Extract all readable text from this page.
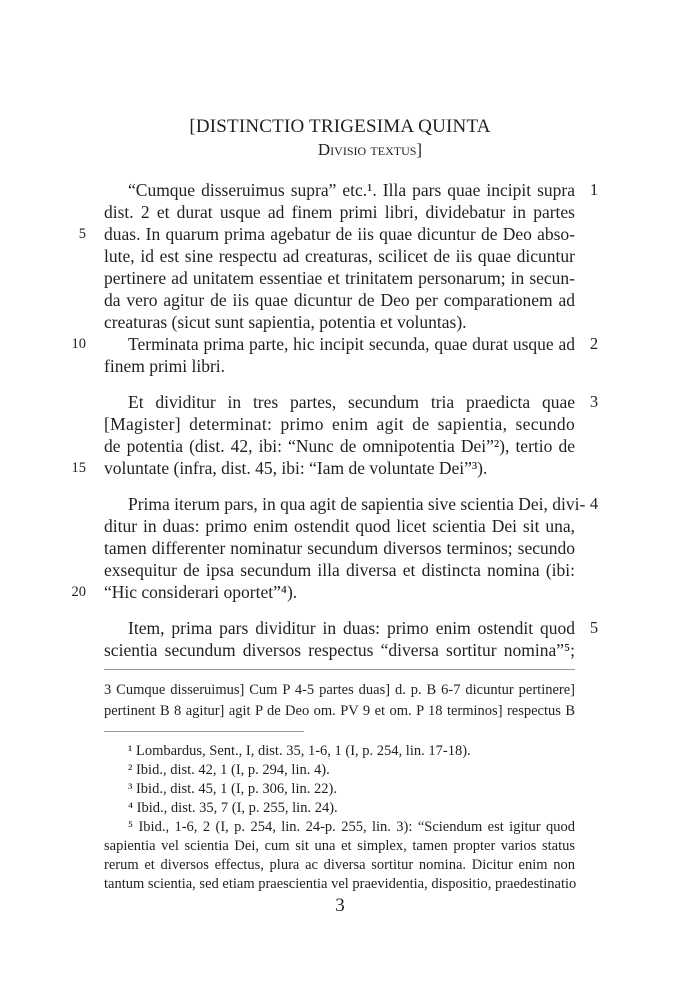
[DISTINCTIO TRIGESIMA QUINTA
Divisio textus]
“Cumque disseruimus supra” etc.¹. Illa pars quae incipit supra
dist. 2 et durat usque ad finem primi libri, dividebatur in partes
duas. In quarum prima agebatur de iis quae dicuntur de Deo abso-
lute, id est sine respectu ad creaturas, scilicet de iis quae dicuntur
pertinere ad unitatem essentiae et trinitatem personarum; in secun-
da vero agitur de iis quae dicuntur de Deo per comparationem ad
creaturas (sicut sunt sapientia, potentia et voluntas).
Terminata prima parte, hic incipit secunda, quae durat usque ad
finem primi libri.
Et dividitur in tres partes, secundum tria praedicta quae
[Magister] determinat: primo enim agit de sapientia, secundo
de potentia (dist. 42, ibi: “Nunc de omnipotentia Dei”²), tertio de
voluntate (infra, dist. 45, ibi: “Iam de voluntate Dei”³).
Prima iterum pars, in qua agit de sapientia sive scientia Dei, divi-
ditur in duas: primo enim ostendit quod licet scientia Dei sit una,
tamen differenter nominatur secundum diversos terminos; secundo
exsequitur de ipsa secundum illa diversa et distincta nomina (ibi:
“Hic considerari oportet”⁴).
Item, prima pars dividitur in duas: primo enim ostendit quod
scientia secundum diversos respectus “diversa sortitur nomina”⁵;
5
10
15
20
1
2
3
4
5
3 Cumque disseruimus] Cum P 4-5 partes duas] d. p. B 6-7 dicuntur pertinere]
pertinent B 8 agitur] agit P de Deo om. PV 9 et om. P 18 terminos] respectus B
¹ Lombardus, Sent., I, dist. 35, 1-6, 1 (I, p. 254, lin. 17-18).
² Ibid., dist. 42, 1 (I, p. 294, lin. 4).
³ Ibid., dist. 45, 1 (I, p. 306, lin. 22).
⁴ Ibid., dist. 35, 7 (I, p. 255, lin. 24).
⁵ Ibid., 1-6, 2 (I, p. 254, lin. 24-p. 255, lin. 3): “Sciendum est igitur quod
sapientia vel scientia Dei, cum sit una et simplex, tamen propter varios status
rerum et diversos effectus, plura ac diversa sortitur nomina. Dicitur enim non
tantum scientia, sed etiam praescientia vel praevidentia, dispositio, praedestinatio
3
